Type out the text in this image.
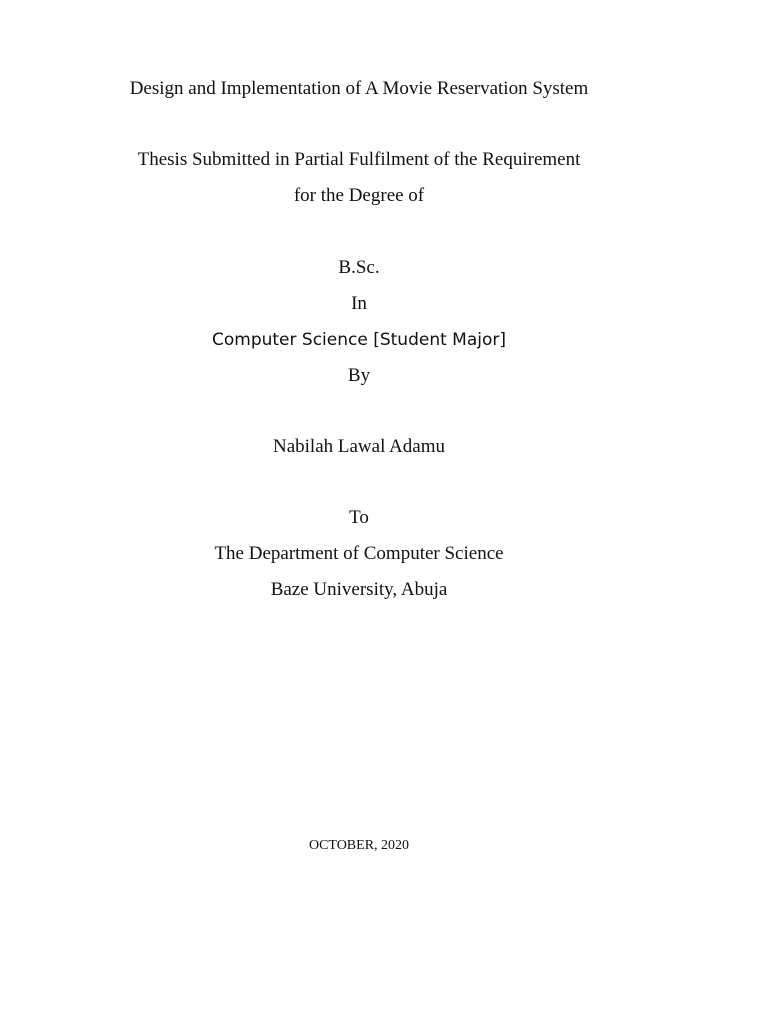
Design and Implementation of A Movie Reservation System
Thesis Submitted in Partial Fulfilment of the Requirement
for the Degree of
B.Sc.
In
Computer Science [Student Major]
By
Nabilah Lawal Adamu
To
The Department of Computer Science
Baze University, Abuja
OCTOBER, 2020
